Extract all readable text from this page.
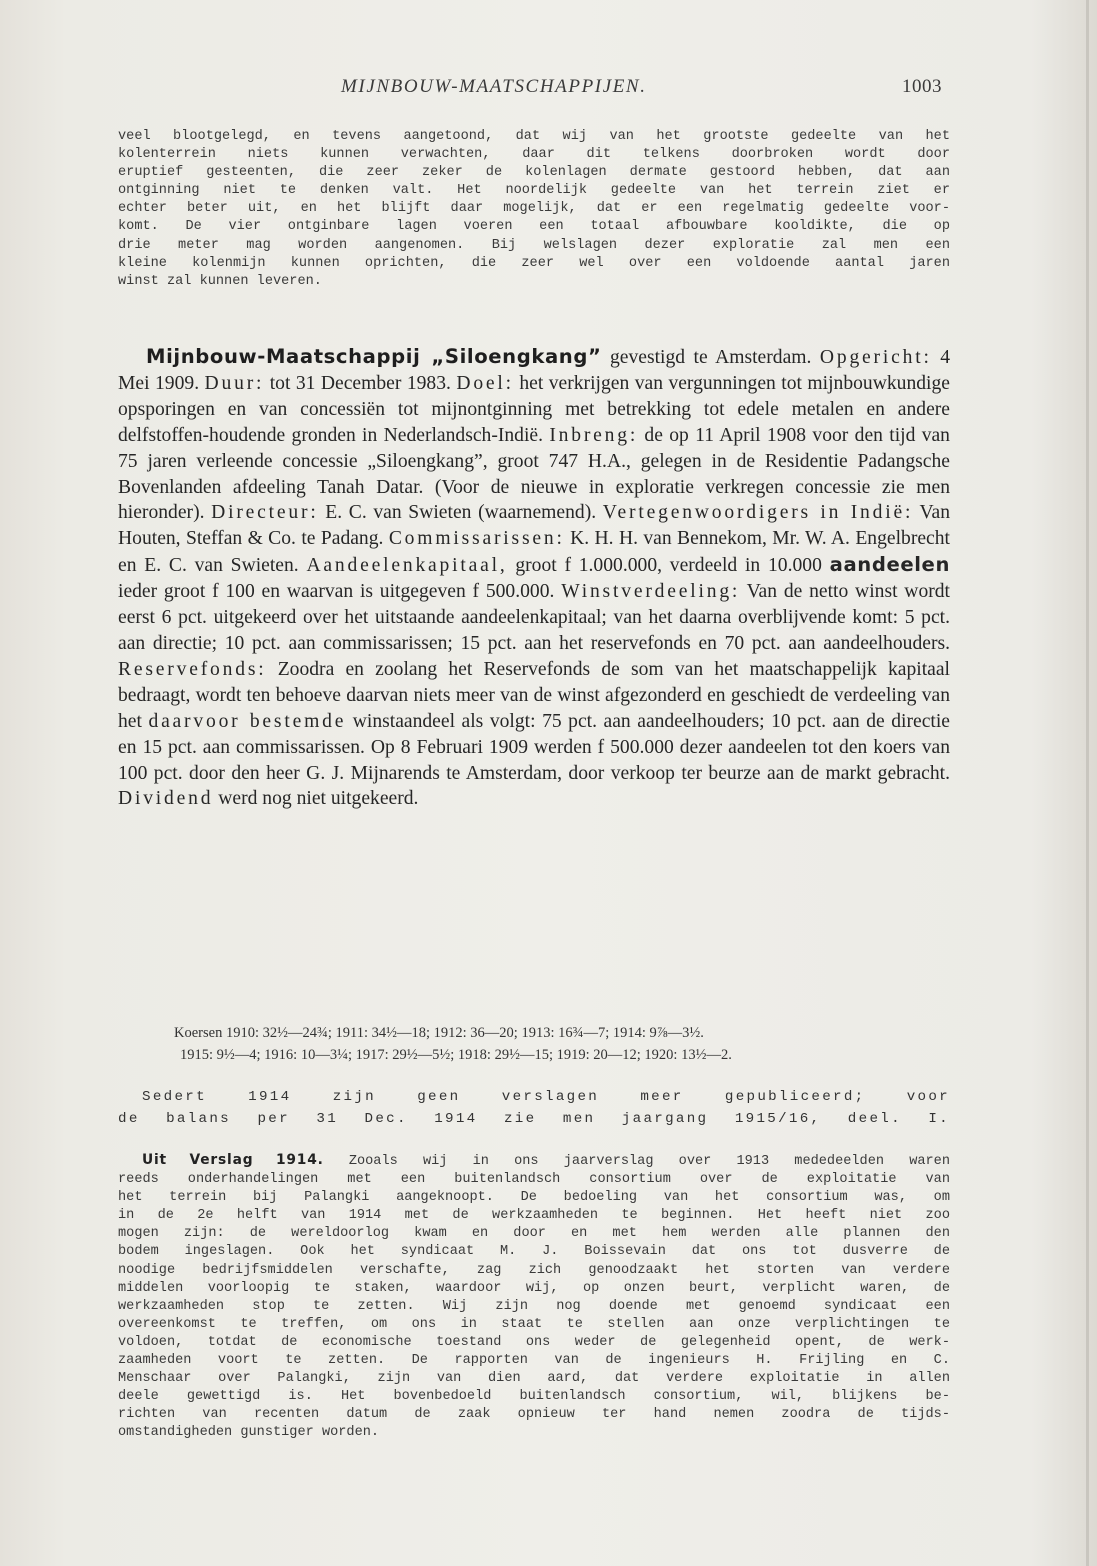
MIJNBOUW-MAATSCHAPPIJEN.	1003
veel blootgelegd, en tevens aangetoond, dat wij van het grootste gedeelte van het
kolenterrein niets kunnen verwachten, daar dit telkens doorbroken wordt door
eruptief gesteenten, die zeer zeker de kolenlagen dermate gestoord hebben, dat aan
ontginning niet te denken valt. Het noordelijk gedeelte van het terrein ziet er
echter beter uit, en het blijft daar mogelijk, dat er een regelmatig gedeelte voor-
komt. De vier ontginbare lagen voeren een totaal afbouwbare kooldikte, die op
drie meter mag worden aangenomen. Bij welslagen dezer exploratie zal men een
kleine kolenmijn kunnen oprichten, die zeer wel over een voldoende aantal jaren
winst zal kunnen leveren.
Mijnbouw-Maatschappij „Siloengkang” gevestigd te Amsterdam. Opgericht: 4 Mei 1909. Duur: tot 31 December 1983. Doel: het verkrijgen van vergunningen tot mijnbouwkundige opsporingen en van concessiën tot mijnontginning met betrekking tot edele metalen en andere delfstoffen-houdende gronden in Nederlandsch-Indië. Inbreng: de op 11 April 1908 voor den tijd van 75 jaren verleende concessie „Siloengkang”, groot 747 H.A., gelegen in de Residentie Padangsche Bovenlanden afdeeling Tanah Datar. (Voor de nieuwe in exploratie verkregen concessie zie men hieronder). Directeur: E. C. van Swieten (waarnemend). Vertegenwoordigers in Indië: Van Houten, Steffan & Co. te Padang. Commissarissen: K. H. H. van Bennekom, Mr. W. A. Engelbrecht en E. C. van Swieten. Aandeelenkapitaal, groot f 1.000.000, verdeeld in 10.000 aandeelen ieder groot f 100 en waarvan is uitgegeven f 500.000. Winstverdeeling: Van de netto winst wordt eerst 6 pct. uitgekeerd over het uitstaande aandeelenkapitaal; van het daarna overblijvende komt: 5 pct. aan directie; 10 pct. aan commissarissen; 15 pct. aan het reservefonds en 70 pct. aan aandeelhouders. Reservefonds: Zoodra en zoolang het Reservefonds de som van het maatschappelijk kapitaal bedraagt, wordt ten behoeve daarvan niets meer van de winst afgezonderd en geschiedt de verdeeling van het daarvoor bestemde winstaandeel als volgt: 75 pct. aan aandeelhouders; 10 pct. aan de directie en 15 pct. aan commissarissen. Op 8 Februari 1909 werden f 500.000 dezer aandeelen tot den koers van 100 pct. door den heer G. J. Mijnarends te Amsterdam, door verkoop ter beurze aan de markt gebracht. Dividend werd nog niet uitgekeerd.
Koersen 1910: 32½—24¾; 1911: 34½—18; 1912: 36—20; 1913: 16¾—7; 1914: 9⅞—3½.
1915: 9½—4; 1916: 10—3¼; 1917: 29½—5½; 1918: 29½—15; 1919: 20—12; 1920: 13½—2.
Sedert 1914 zijn geen verslagen meer gepubliceerd; voor
de balans per 31 Dec. 1914 zie men jaargang 1915/16, deel. I.
Uit Verslag 1914. Zooals wij in ons jaarverslag over 1913 mededeelden waren
reeds onderhandelingen met een buitenlandsch consortium over de exploitatie van
het terrein bij Palangki aangeknoopt. De bedoeling van het consortium was, om
in de 2e helft van 1914 met de werkzaamheden te beginnen. Het heeft niet zoo
mogen zijn: de wereldoorlog kwam en door en met hem werden alle plannen den
bodem ingeslagen. Ook het syndicaat M. J. Boissevain dat ons tot dusverre de
noodige bedrijfsmiddelen verschafte, zag zich genoodzaakt het storten van verdere
middelen voorloopig te staken, waardoor wij, op onzen beurt, verplicht waren, de
werkzaamheden stop te zetten. Wij zijn nog doende met genoemd syndicaat een
overeenkomst te treffen, om ons in staat te stellen aan onze verplichtingen te
voldoen, totdat de economische toestand ons weder de gelegenheid opent, de werk-
zaamheden voort te zetten. De rapporten van de ingenieurs H. Frijling en C.
Menschaar over Palangki, zijn van dien aard, dat verdere exploitatie in allen
deele gewettigd is. Het bovenbedoeld buitenlandsch consortium, wil, blijkens be-
richten van recenten datum de zaak opnieuw ter hand nemen zoodra de tijds-
omstandigheden gunstiger worden.
